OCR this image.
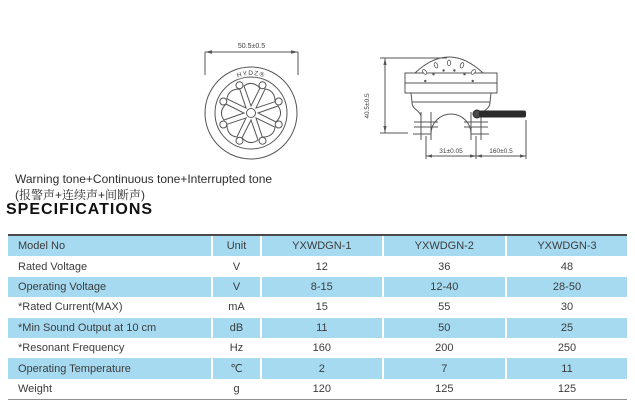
50.5±0.5
HYDZ®
40.5±0.5
31±0.05	160±0.5
Warning tone+Continuous tone+Interrupted tone
(报警声+连续声+间断声)
SPECIFICATIONS
Model No	Unit	YXWDGN-1	YXWDGN-2	YXWDGN-3
Rated Voltage	V	12	36	48
Operating Voltage	V	8-15	12-40	28-50
*Rated Current(MAX)	mA	15	55	30
*Min Sound Output at 10 cm	dB	11	50	25
*Resonant Frequency	Hz	160	200	250
Operating Temperature	℃	2	7	11
Weight	g	120	125	125
